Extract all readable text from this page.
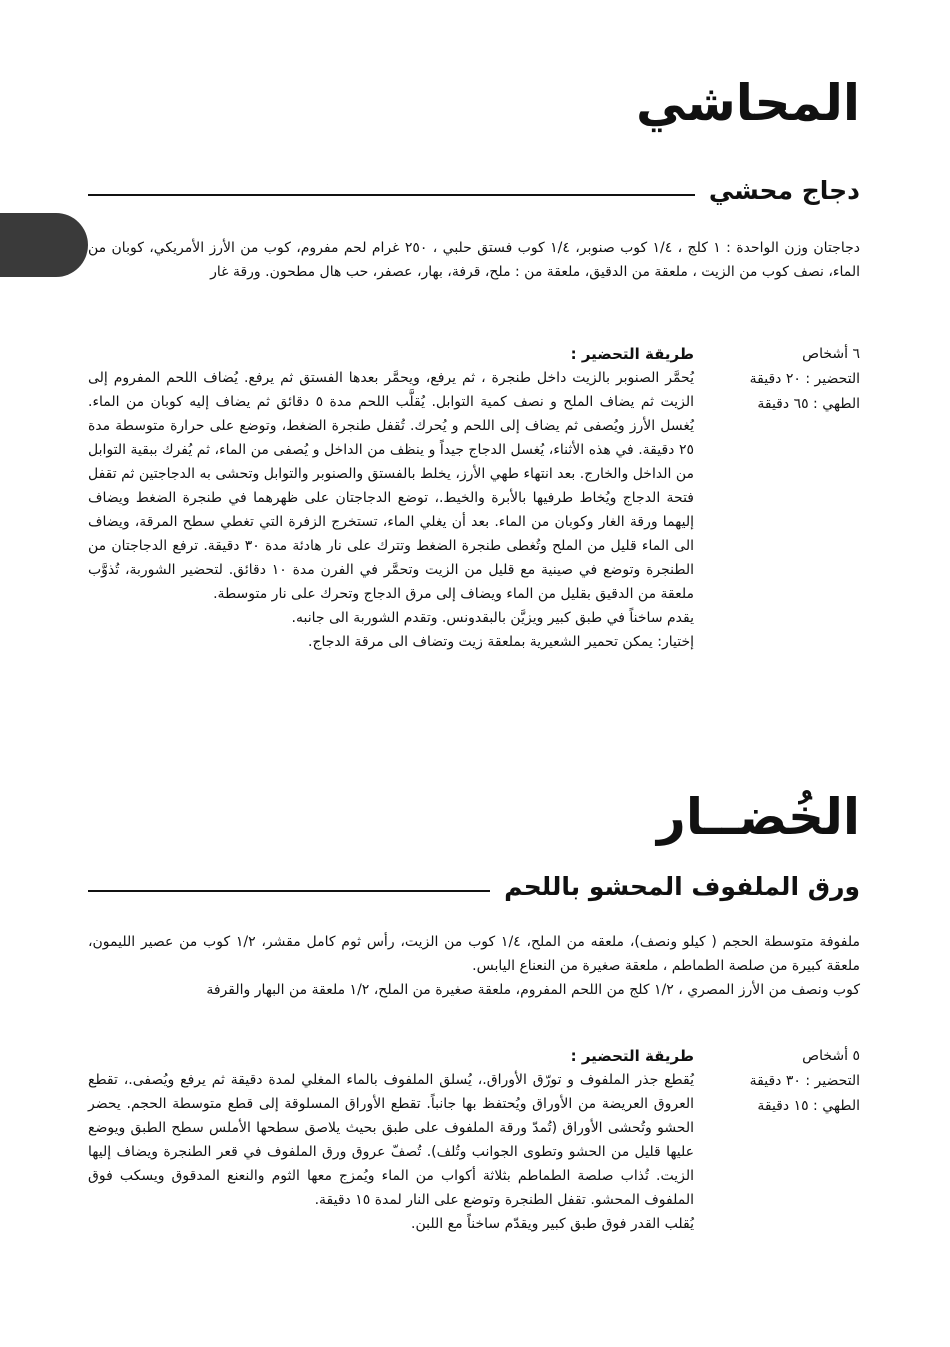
المحاشي
دجاج محشي

دجاجتان وزن الواحدة : ١ كلج ، ١/٤ كوب صنوبر، ١/٤ كوب فستق حلبي ، ٢٥٠ غرام لحم مفروم، كوب من الأرز الأمريكي، كوبان من الماء، نصف كوب من الزيت ، ملعقة من الدقيق، ملعقة من : ملح، قرفة، بهار، عصفر، حب هال مطحون. ورقة غار

٦ أشخاص
التحضير : ٢٠ دقيقة
الطهي : ٦٥ دقيقة
طريقة التحضير :

يُحمَّر الصنوبر بالزيت داخل طنجرة ، ثم يرفع، ويحمَّر بعدها الفستق ثم يرفع. يُضاف اللحم المفروم إلى الزيت ثم يضاف الملح و نصف كمية التوابل. يُقلَّب اللحم مدة ٥ دقائق ثم يضاف إليه كوبان من الماء. يُغسل الأرز ويُصفى ثم يضاف إلى اللحم و يُحرك. تُقفل طنجرة الضغط، وتوضع على حرارة متوسطة مدة ٢٥ دقيقة. في هذه الأثناء، يُغسل الدجاج جيداً و ينظف من الداخل و يُصفى من الماء، ثم يُفرك ببقية التوابل من الداخل والخارج. بعد انتهاء طهي الأرز، يخلط بالفستق والصنوبر والتوابل وتحشى به الدجاجتين ثم تقفل فتحة الدجاج ويُخاط طرفيها بالأبرة والخيط.، توضع الدجاجتان على ظهرهما في طنجرة الضغط ويضاف إليهما ورقة الغار وكوبان من الماء. بعد أن يغلي الماء، تستخرج الزفرة التي تغطي سطح المرقة، ويضاف الى الماء قليل من الملح وتُغطى طنجرة الضغط وتترك على نار هادئة مدة ٣٠ دقيقة. ترفع الدجاجتان من الطنجرة وتوضع في صينية مع قليل من الزيت وتحمَّر في الفرن مدة ١٠ دقائق. لتحضير الشوربة، تُذوَّب ملعقة من الدقيق بقليل من الماء ويضاف إلى مرق الدجاج وتحرك على نار متوسطة.

يقدم ساخناً في طبق كبير ويزيَّن بالبقدونس. وتقدم الشوربة الى جانبه.

إختيار: يمكن تحمير الشعيرية بملعقة زيت وتضاف الى مرقة الدجاج.

الخُضــار
ورق الملفوف المحشو باللحم

ملفوفة متوسطة الحجم ( كيلو ونصف)، ملعقه من الملح، ١/٤ كوب من الزيت، رأس ثوم كامل مقشر، ١/٢ كوب من عصير الليمون، ملعقة كبيرة من صلصة الطماطم ، ملعقة صغيرة من النعناع اليابس.

كوب ونصف من الأرز المصري ، ١/٢ كلج من اللحم المفروم، ملعقة صغيرة من الملح، ١/٢ ملعقة من البهار والقرفة

٥ أشخاص
التحضير : ٣٠ دقيقة
الطهي : ١٥ دقيقة
طريقة التحضير :

يُقطع جذر الملفوف و تورّق الأوراق.، يُسلق الملفوف بالماء المغلي لمدة دقيقة ثم يرفع ويُصفى.، تقطع العروق العريضة من الأوراق ويُحتفظ بها جانباً. تقطع الأوراق المسلوقة إلى قطع متوسطة الحجم. يحضر الحشو وتُحشى الأوراق (تُمدّ ورقة الملفوف على طبق بحيث يلاصق سطحها الأملس سطح الطبق ويوضع عليها قليل من الحشو وتطوى الجوانب وتُلف). تُصفّ عروق ورق الملفوف في قعر الطنجرة ويضاف إليها الزيت. تُذاب صلصة الطماطم بثلاثة أكواب من الماء ويُمزج معها الثوم والنعنع المدقوق ويسكب فوق الملفوف المحشو. تقفل الطنجرة وتوضع على النار لمدة ١٥ دقيقة.

يُقلب القدر فوق طبق كبير ويقدّم ساخناً مع اللبن.
